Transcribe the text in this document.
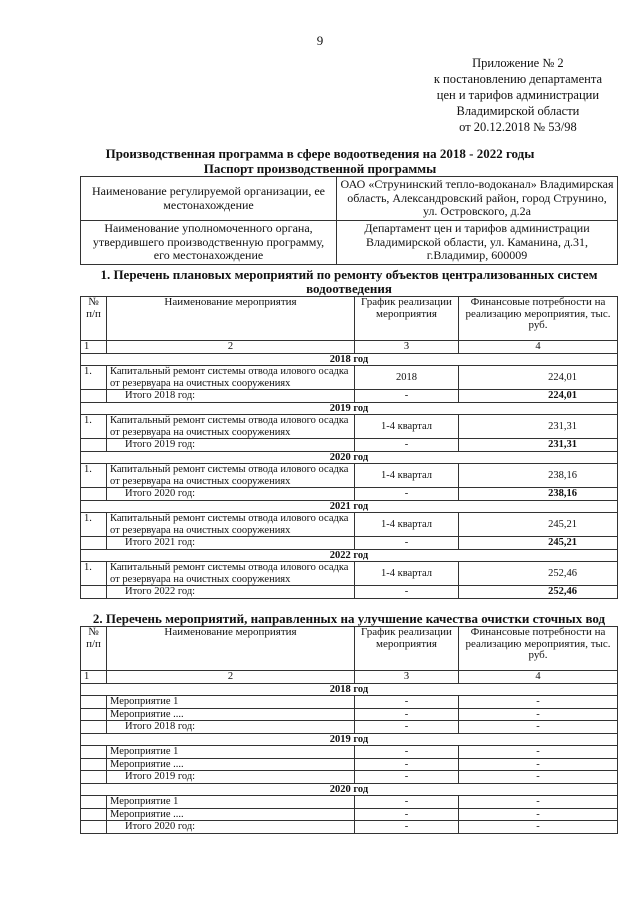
9
Приложение № 2
к постановлению департамента
цен и тарифов администрации
Владимирской области
от 20.12.2018 № 53/98
Производственная программа в сфере водоотведения на 2018 - 2022 годы
Паспорт производственной программы
Наименование регулируемой организации, ее местонахождение	ОАО «Струнинский тепло-водоканал» Владимирская область, Александровский район, город Струнино, ул. Островского, д.2а
Наименование уполномоченного органа, утвердившего производственную программу, его местонахождение	Департамент цен и тарифов администрации Владимирской области, ул. Каманина, д.31, г.Владимир, 600009
1. Перечень плановых мероприятий по ремонту объектов централизованных систем водоотведения
№ п/п	Наименование мероприятия	График реализации мероприятия	Финансовые потребности на реализацию мероприятия, тыс. руб.
1	2	3	4
2018 год			
1.	Капитальный ремонт системы отвода илового осадка от резервуара на очистных сооружениях	2018	224,01
	Итого 2018 год:	-	224,01
2019 год			
1.	Капитальный ремонт системы отвода илового осадка от резервуара на очистных сооружениях	1-4 квартал	231,31
	Итого 2019 год:	-	231,31
2020 год			
1.	Капитальный ремонт системы отвода илового осадка от резервуара на очистных сооружениях	1-4 квартал	238,16
	Итого 2020 год:	-	238,16
2021 год			
1.	Капитальный ремонт системы отвода илового осадка от резервуара на очистных сооружениях	1-4 квартал	245,21
	Итого 2021 год:	-	245,21
2022 год			
1.	Капитальный ремонт системы отвода илового осадка от резервуара на очистных сооружениях	1-4 квартал	252,46
	Итого 2022 год:	-	252,46
2. Перечень мероприятий, направленных на улучшение качества очистки сточных вод
№ п/п	Наименование мероприятия	График реализации мероприятия	Финансовые потребности на реализацию мероприятия, тыс. руб.
1	2	3	4
2018 год			
	Мероприятие 1	-	-
	Мероприятие ....	-	-
	Итого 2018 год:	-	-
2019 год			
	Мероприятие 1	-	-
	Мероприятие ....	-	-
	Итого 2019 год:	-	-
2020 год			
	Мероприятие 1	-	-
	Мероприятие ....	-	-
	Итого 2020 год:	-	-
